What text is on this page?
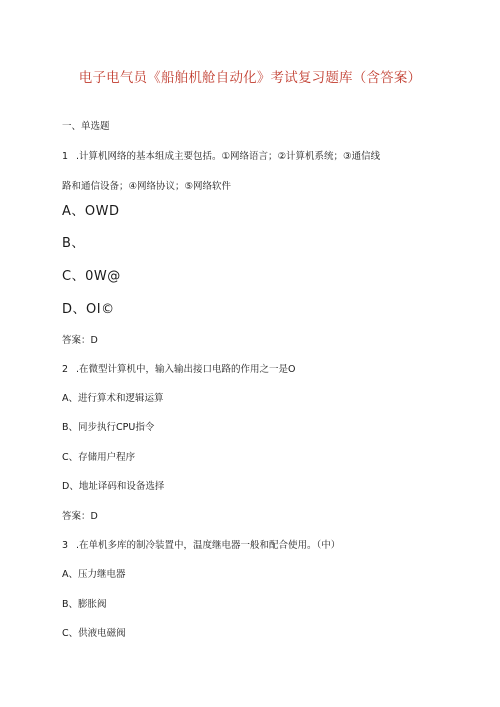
电子电气员《船舶机舱自动化》考试复习题库（含答案）
一、单选题
1 .计算机网络的基本组成主要包括。①网络语言；②计算机系统；③通信线
路和通信设备；④网络协议；⑤网络软件
A、OWD
B、
C、0W@
D、OI©
答案：D
2 .在微型计算机中，输入输出接口电路的作用之一是O
A、进行算术和逻辑运算
B、同步执行CPU指令
C、存储用户程序
D、地址译码和设备选择
答案：D
3 .在单机多库的制冷装置中，温度继电器一般和配合使用。（中）
A、压力继电器
B、膨胀阀
C、供液电磁阀
